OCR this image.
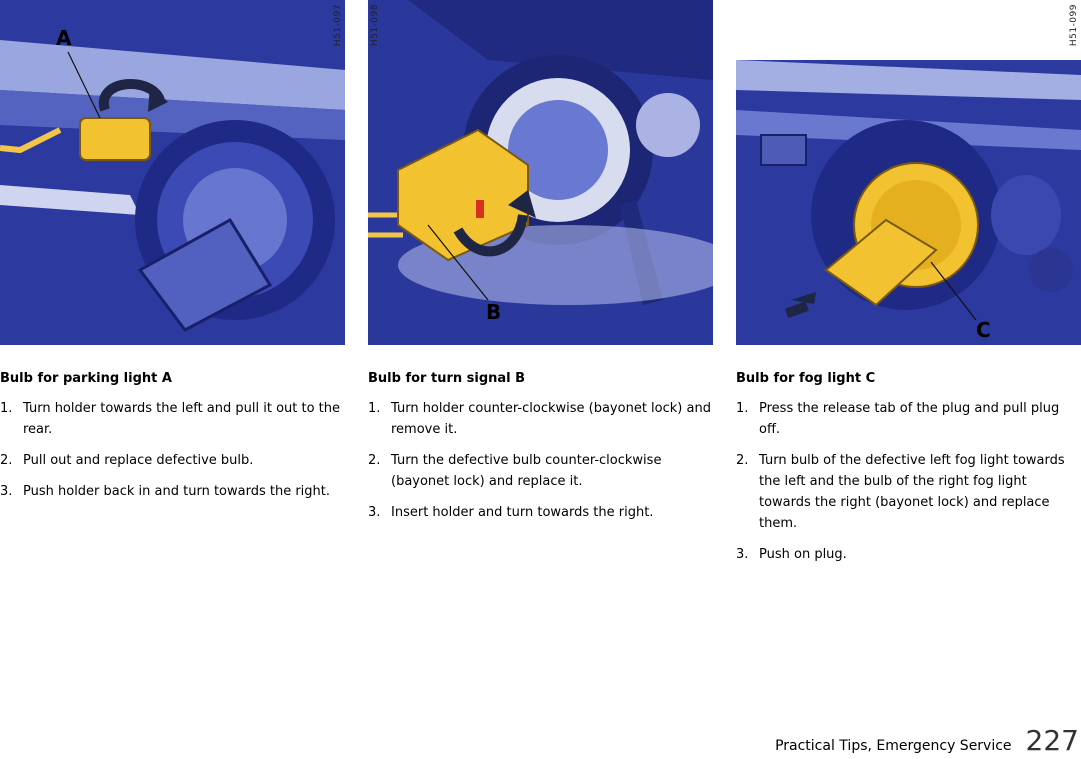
A	H51-097
Bulb for parking light A
1. Turn holder towards the left and pull it out to the rear.
2. Pull out and replace defective bulb.
3. Push holder back in and turn towards the right.
B
H51-098
Bulb for turn signal B
1. Turn holder counter-clockwise (bayonet lock) and remove it.
2. Turn the defective bulb counter-clockwise (bayonet lock) and replace it.
3. Insert holder and turn towards the right.
C
H51-099
Bulb for fog light C
1. Press the release tab of the plug and pull plug off.
2. Turn bulb of the defective left fog light towards the left and the bulb of the right fog light towards the right (bayonet lock) and replace them.
3. Push on plug.
Practical Tips, Emergency Service 227
